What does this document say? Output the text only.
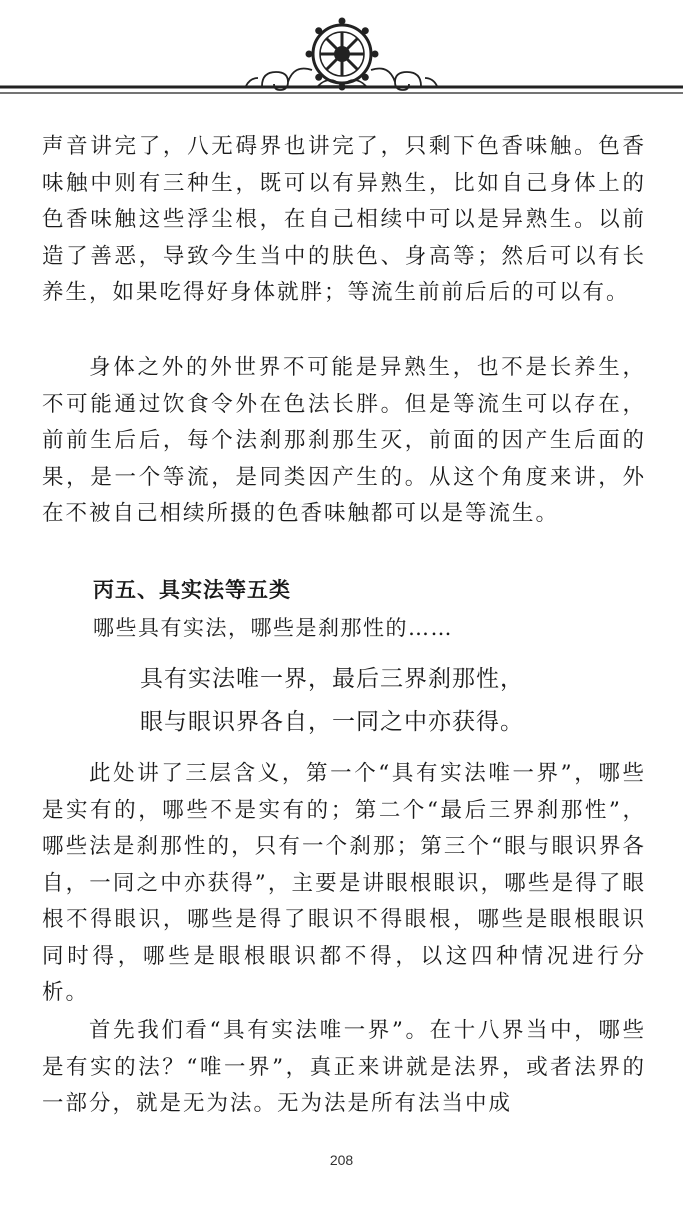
声音讲完了，八无碍界也讲完了，只剩下色香味触。色香味触中则有三种生，既可以有异熟生，比如自己身体上的色香味触这些浮尘根，在自己相续中可以是异熟生。以前造了善恶，导致今生当中的肤色、身高等；然后可以有长养生，如果吃得好身体就胖；等流生前前后后的可以有。

身体之外的外世界不可能是异熟生，也不是长养生，不可能通过饮食令外在色法长胖。但是等流生可以存在，前前生后后，每个法刹那刹那生灭，前面的因产生后面的果，是一个等流，是同类因产生的。从这个角度来讲，外在不被自己相续所摄的色香味触都可以是等流生。

丙五、具实法等五类

哪些具有实法，哪些是刹那性的……

具有实法唯一界，最后三界刹那性，

眼与眼识界各自，一同之中亦获得。

此处讲了三层含义，第一个“具有实法唯一界”，哪些是实有的，哪些不是实有的；第二个“最后三界刹那性”，哪些法是刹那性的，只有一个刹那；第三个“眼与眼识界各自，一同之中亦获得”，主要是讲眼根眼识，哪些是得了眼根不得眼识，哪些是得了眼识不得眼根，哪些是眼根眼识同时得，哪些是眼根眼识都不得，以这四种情况进行分析。

首先我们看“具有实法唯一界”。在十八界当中，哪些是有实的法？“唯一界”，真正来讲就是法界，或者法界的一部分，就是无为法。无为法是所有法当中成

208
